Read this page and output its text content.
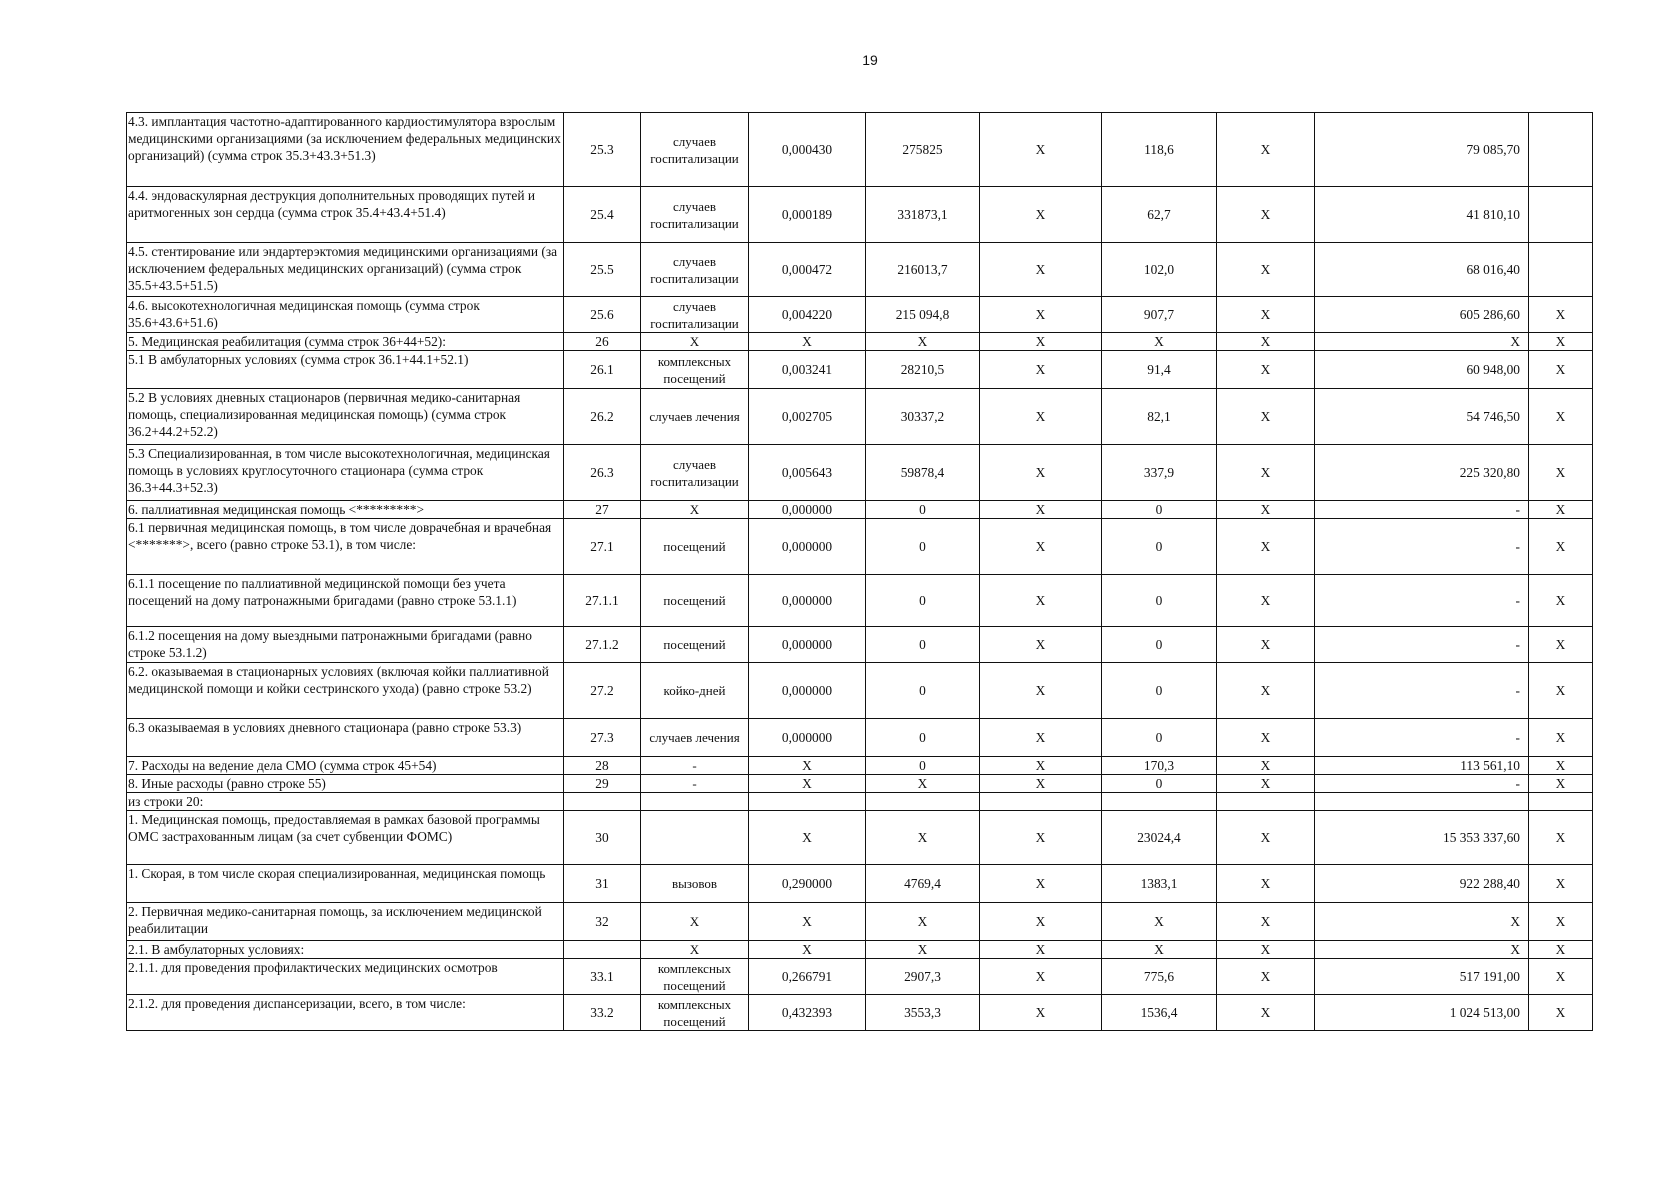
19
4.3. имплантация частотно-адаптированного кардиостимулятора взрослым медицинскими организациями (за исключением федеральных медицинских организаций) (сумма строк 35.3+43.3+51.3)	25.3	случаев госпитализации	0,000430	275825	X	118,6	X	79 085,70	
4.4. эндоваскулярная деструкция дополнительных проводящих путей и аритмогенных зон сердца (сумма строк 35.4+43.4+51.4)	25.4	случаев госпитализации	0,000189	331873,1	X	62,7	X	41 810,10	
4.5. стентирование или эндартерэктомия медицинскими организациями (за исключением федеральных медицинских организаций) (сумма строк 35.5+43.5+51.5)	25.5	случаев госпитализации	0,000472	216013,7	X	102,0	X	68 016,40	
4.6. высокотехнологичная медицинская помощь (сумма строк 35.6+43.6+51.6)	25.6	случаев госпитализации	0,004220	215 094,8	X	907,7	X	605 286,60	X
5. Медицинская реабилитация (сумма строк 36+44+52):	26	X	X	X	X	X	X	X	X
5.1 В амбулаторных условиях (сумма строк 36.1+44.1+52.1)	26.1	комплексных посещений	0,003241	28210,5	X	91,4	X	60 948,00	X
5.2 В условиях дневных стационаров (первичная медико-санитарная помощь, специализированная медицинская помощь) (сумма строк 36.2+44.2+52.2)	26.2	случаев лечения	0,002705	30337,2	X	82,1	X	54 746,50	X
5.3 Специализированная, в том числе высокотехнологичная, медицинская помощь в условиях круглосуточного стационара (сумма строк 36.3+44.3+52.3)	26.3	случаев госпитализации	0,005643	59878,4	X	337,9	X	225 320,80	X
6. паллиативная медицинская помощь <*********>	27	X	0,000000	0	X	0	X	-	X
6.1 первичная медицинская помощь, в том числе доврачебная и врачебная <*******>, всего (равно строке 53.1), в том числе:	27.1	посещений	0,000000	0	X	0	X	-	X
6.1.1 посещение по паллиативной медицинской помощи без учета посещений на дому патронажными бригадами (равно строке 53.1.1)	27.1.1	посещений	0,000000	0	X	0	X	-	X
6.1.2 посещения на дому выездными патронажными бригадами (равно строке 53.1.2)	27.1.2	посещений	0,000000	0	X	0	X	-	X
6.2. оказываемая в стационарных условиях (включая койки паллиативной медицинской помощи и койки сестринского ухода) (равно строке 53.2)	27.2	койко-дней	0,000000	0	X	0	X	-	X
6.3 оказываемая в условиях дневного стационара (равно строке 53.3)	27.3	случаев лечения	0,000000	0	X	0	X	-	X
7. Расходы на ведение дела СМО (сумма строк 45+54)	28	-	X	0	X	170,3	X	113 561,10	X
8. Иные расходы (равно строке 55)	29	-	X	X	X	0	X	-	X
из строки 20:									
1. Медицинская помощь, предоставляемая в рамках базовой программы ОМС застрахованным лицам (за счет субвенции ФОМС)	30		X	X	X	23024,4	X	15 353 337,60	X
1. Скорая, в том числе скорая специализированная, медицинская помощь	31	вызовов	0,290000	4769,4	X	1383,1	X	922 288,40	X
2. Первичная медико-санитарная помощь, за исключением медицинской реабилитации	32	X	X	X	X	X	X	X	X
2.1. В амбулаторных условиях:		X	X	X	X	X	X	X	X
2.1.1. для проведения профилактических медицинских осмотров	33.1	комплексных посещений	0,266791	2907,3	X	775,6	X	517 191,00	X
2.1.2. для проведения диспансеризации, всего, в том числе:	33.2	комплексных посещений	0,432393	3553,3	X	1536,4	X	1 024 513,00	X
